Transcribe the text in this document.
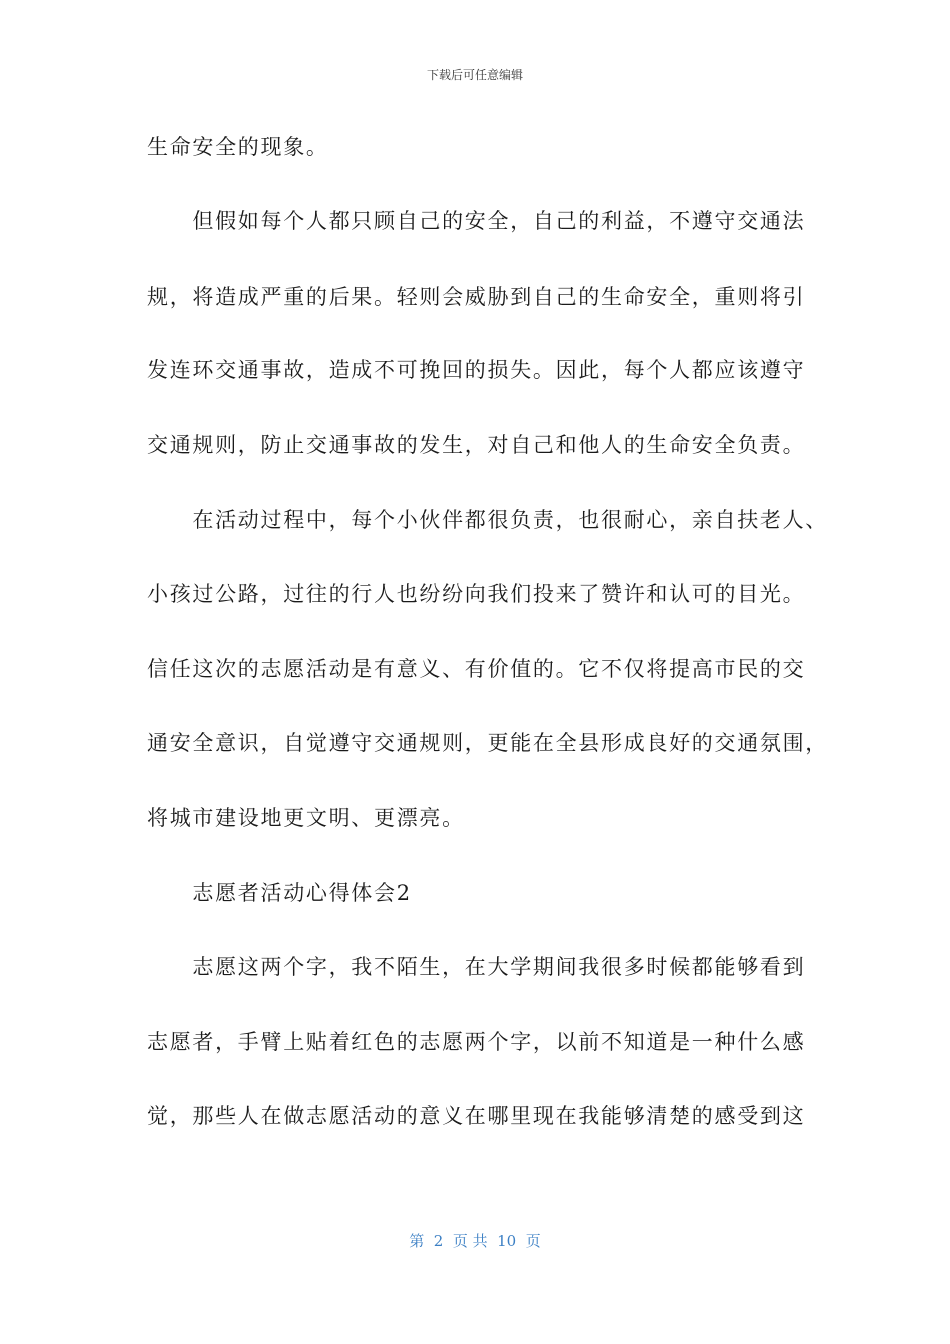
下载后可任意编辑
生命安全的现象。
　　但假如每个人都只顾自己的安全，自己的利益，不遵守交通法
规，将造成严重的后果。轻则会威胁到自己的生命安全，重则将引
发连环交通事故，造成不可挽回的损失。因此，每个人都应该遵守
交通规则，防止交通事故的发生，对自己和他人的生命安全负责。
　　在活动过程中，每个小伙伴都很负责，也很耐心，亲自扶老人、
小孩过公路，过往的行人也纷纷向我们投来了赞许和认可的目光。
信任这次的志愿活动是有意义、有价值的。它不仅将提高市民的交
通安全意识，自觉遵守交通规则，更能在全县形成良好的交通氛围，
将城市建设地更文明、更漂亮。
　　志愿者活动心得体会2
　　志愿这两个字，我不陌生，在大学期间我很多时候都能够看到
志愿者，手臂上贴着红色的志愿两个字，以前不知道是一种什么感
觉，那些人在做志愿活动的意义在哪里现在我能够清楚的感受到这
第  2  页 共  10  页
